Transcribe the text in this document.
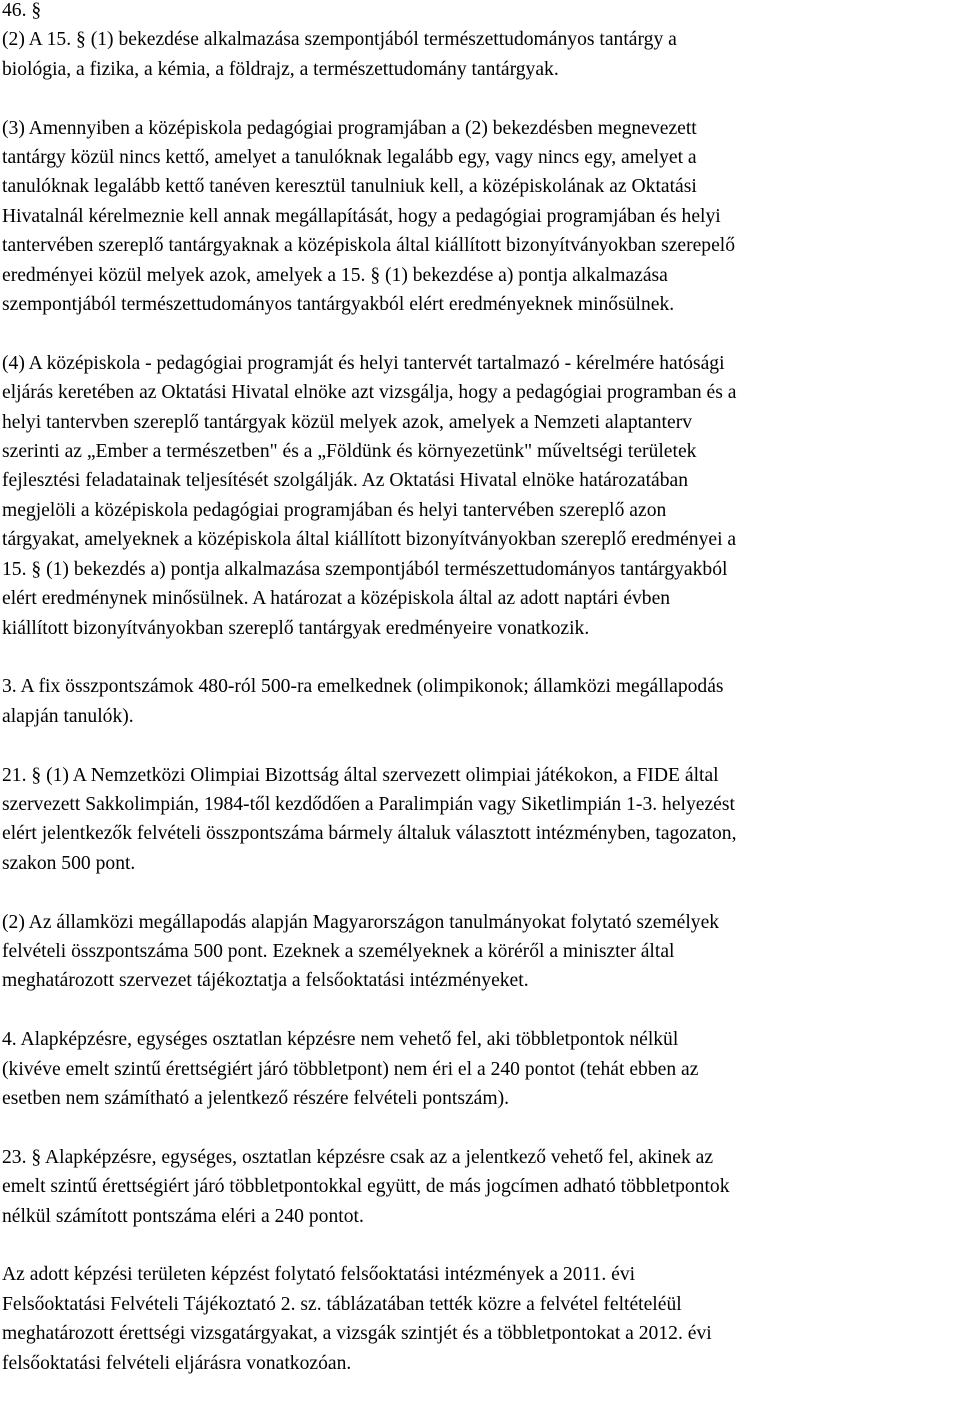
46. §

(2) A 15. § (1) bekezdése alkalmazása szempontjából természettudományos tantárgy a
biológia, a fizika, a kémia, a földrajz, a természettudomány tantárgyak.

(3) Amennyiben a középiskola pedagógiai programjában a (2) bekezdésben megnevezett
tantárgy közül nincs kettő, amelyet a tanulóknak legalább egy, vagy nincs egy, amelyet a
tanulóknak legalább kettő tanéven keresztül tanulniuk kell, a középiskolának az Oktatási
Hivatalnál kérelmeznie kell annak megállapítását, hogy a pedagógiai programjában és helyi
tantervében szereplő tantárgyaknak a középiskola által kiállított bizonyítványokban szerepelő
eredményei közül melyek azok, amelyek a 15. § (1) bekezdése a) pontja alkalmazása
szempontjából természettudományos tantárgyakból elért eredményeknek minősülnek.

(4) A középiskola - pedagógiai programját és helyi tantervét tartalmazó - kérelmére hatósági
eljárás keretében az Oktatási Hivatal elnöke azt vizsgálja, hogy a pedagógiai programban és a
helyi tantervben szereplő tantárgyak közül melyek azok, amelyek a Nemzeti alaptanterv
szerinti az „Ember a természetben" és a „Földünk és környezetünk" műveltségi területek
fejlesztési feladatainak teljesítését szolgálják. Az Oktatási Hivatal elnöke határozatában
megjelöli a középiskola pedagógiai programjában és helyi tantervében szereplő azon
tárgyakat, amelyeknek a középiskola által kiállított bizonyítványokban szereplő eredményei a
15. § (1) bekezdés a) pontja alkalmazása szempontjából természettudományos tantárgyakból
elért eredménynek minősülnek. A határozat a középiskola által az adott naptári évben
kiállított bizonyítványokban szereplő tantárgyak eredményeire vonatkozik.

3. A fix összpontszámok 480-ról 500-ra emelkednek (olimpikonok; államközi megállapodás
alapján tanulók).

21. § (1) A Nemzetközi Olimpiai Bizottság által szervezett olimpiai játékokon, a FIDE által
szervezett Sakkolimpián, 1984-től kezdődően a Paralimpián vagy Siketlimpián 1-3. helyezést
elért jelentkezők felvételi összpontszáma bármely általuk választott intézményben, tagozaton,
szakon 500 pont.

(2) Az államközi megállapodás alapján Magyarországon tanulmányokat folytató személyek
felvételi összpontszáma 500 pont. Ezeknek a személyeknek a köréről a miniszter által
meghatározott szervezet tájékoztatja a felsőoktatási intézményeket.

4. Alapképzésre, egységes osztatlan képzésre nem vehető fel, aki többletpontok nélkül
(kivéve emelt szintű érettségiért járó többletpont) nem éri el a 240 pontot (tehát ebben az
esetben nem számítható a jelentkező részére felvételi pontszám).

23. § Alapképzésre, egységes, osztatlan képzésre csak az a jelentkező vehető fel, akinek az
emelt szintű érettségiért járó többletpontokkal együtt, de más jogcímen adható többletpontok
nélkül számított pontszáma eléri a 240 pontot.

Az adott képzési területen képzést folytató felsőoktatási intézmények a 2011. évi
Felsőoktatási Felvételi Tájékoztató 2. sz. táblázatában tették közre a felvétel feltételéül
meghatározott érettségi vizsgatárgyakat, a vizsgák szintjét és a többletpontokat a 2012. évi
felsőoktatási felvételi eljárásra vonatkozóan.
